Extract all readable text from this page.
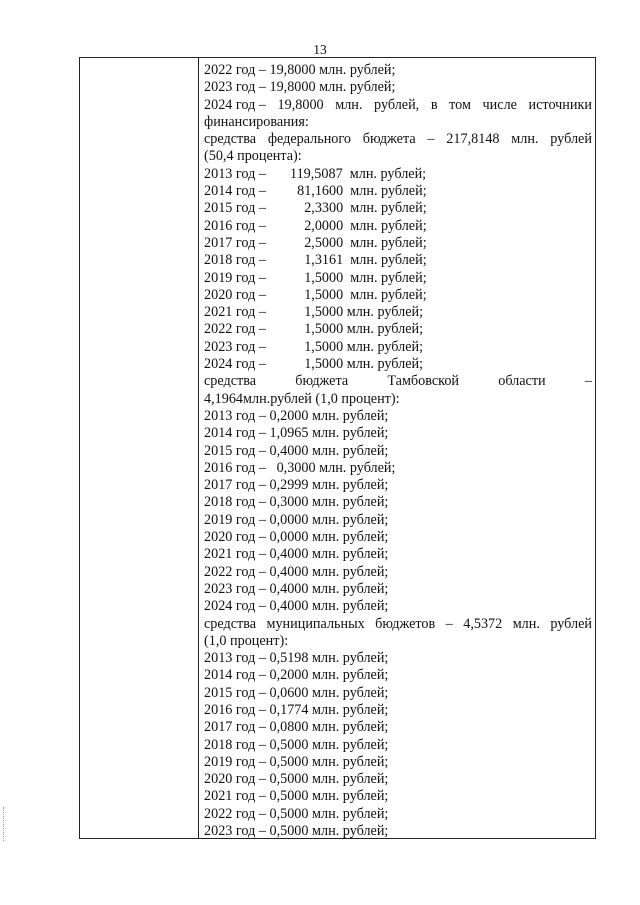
13
2022 год – 19,8000 млн. рублей;
2023 год – 19,8000 млн. рублей;
2024 год – 19,8000 млн. рублей, в том числе источники
финансирования:
средства федерального бюджета – 217,8148 млн. рублей
(50,4 процента):
2013 год –	119,5087  млн. рублей;
2014 год –	81,1600  млн. рублей;
2015 год –	2,3300  млн. рублей;
2016 год –	2,0000  млн. рублей;
2017 год –	2,5000  млн. рублей;
2018 год –	1,3161  млн. рублей;
2019 год –	1,5000  млн. рублей;
2020 год –	1,5000  млн. рублей;
2021 год –	1,5000 млн. рублей;
2022 год –	1,5000 млн. рублей;
2023 год –	1,5000 млн. рублей;
2024 год –	1,5000 млн. рублей;
средства	бюджета	Тамбовской	области	–
4,1964млн.рублей (1,0 процент):
2013 год – 0,2000 млн. рублей;
2014 год – 1,0965 млн. рублей;
2015 год – 0,4000 млн. рублей;
2016 год –   0,3000 млн. рублей;
2017 год – 0,2999 млн. рублей;
2018 год – 0,3000 млн. рублей;
2019 год – 0,0000 млн. рублей;
2020 год – 0,0000 млн. рублей;
2021 год – 0,4000 млн. рублей;
2022 год – 0,4000 млн. рублей;
2023 год – 0,4000 млн. рублей;
2024 год – 0,4000 млн. рублей;
средства муниципальных бюджетов – 4,5372 млн. рублей
(1,0 процент):
2013 год – 0,5198 млн. рублей;
2014 год – 0,2000 млн. рублей;
2015 год – 0,0600 млн. рублей;
2016 год – 0,1774 млн. рублей;
2017 год – 0,0800 млн. рублей;
2018 год – 0,5000 млн. рублей;
2019 год – 0,5000 млн. рублей;
2020 год – 0,5000 млн. рублей;
2021 год – 0,5000 млн. рублей;
2022 год – 0,5000 млн. рублей;
2023 год – 0,5000 млн. рублей;
